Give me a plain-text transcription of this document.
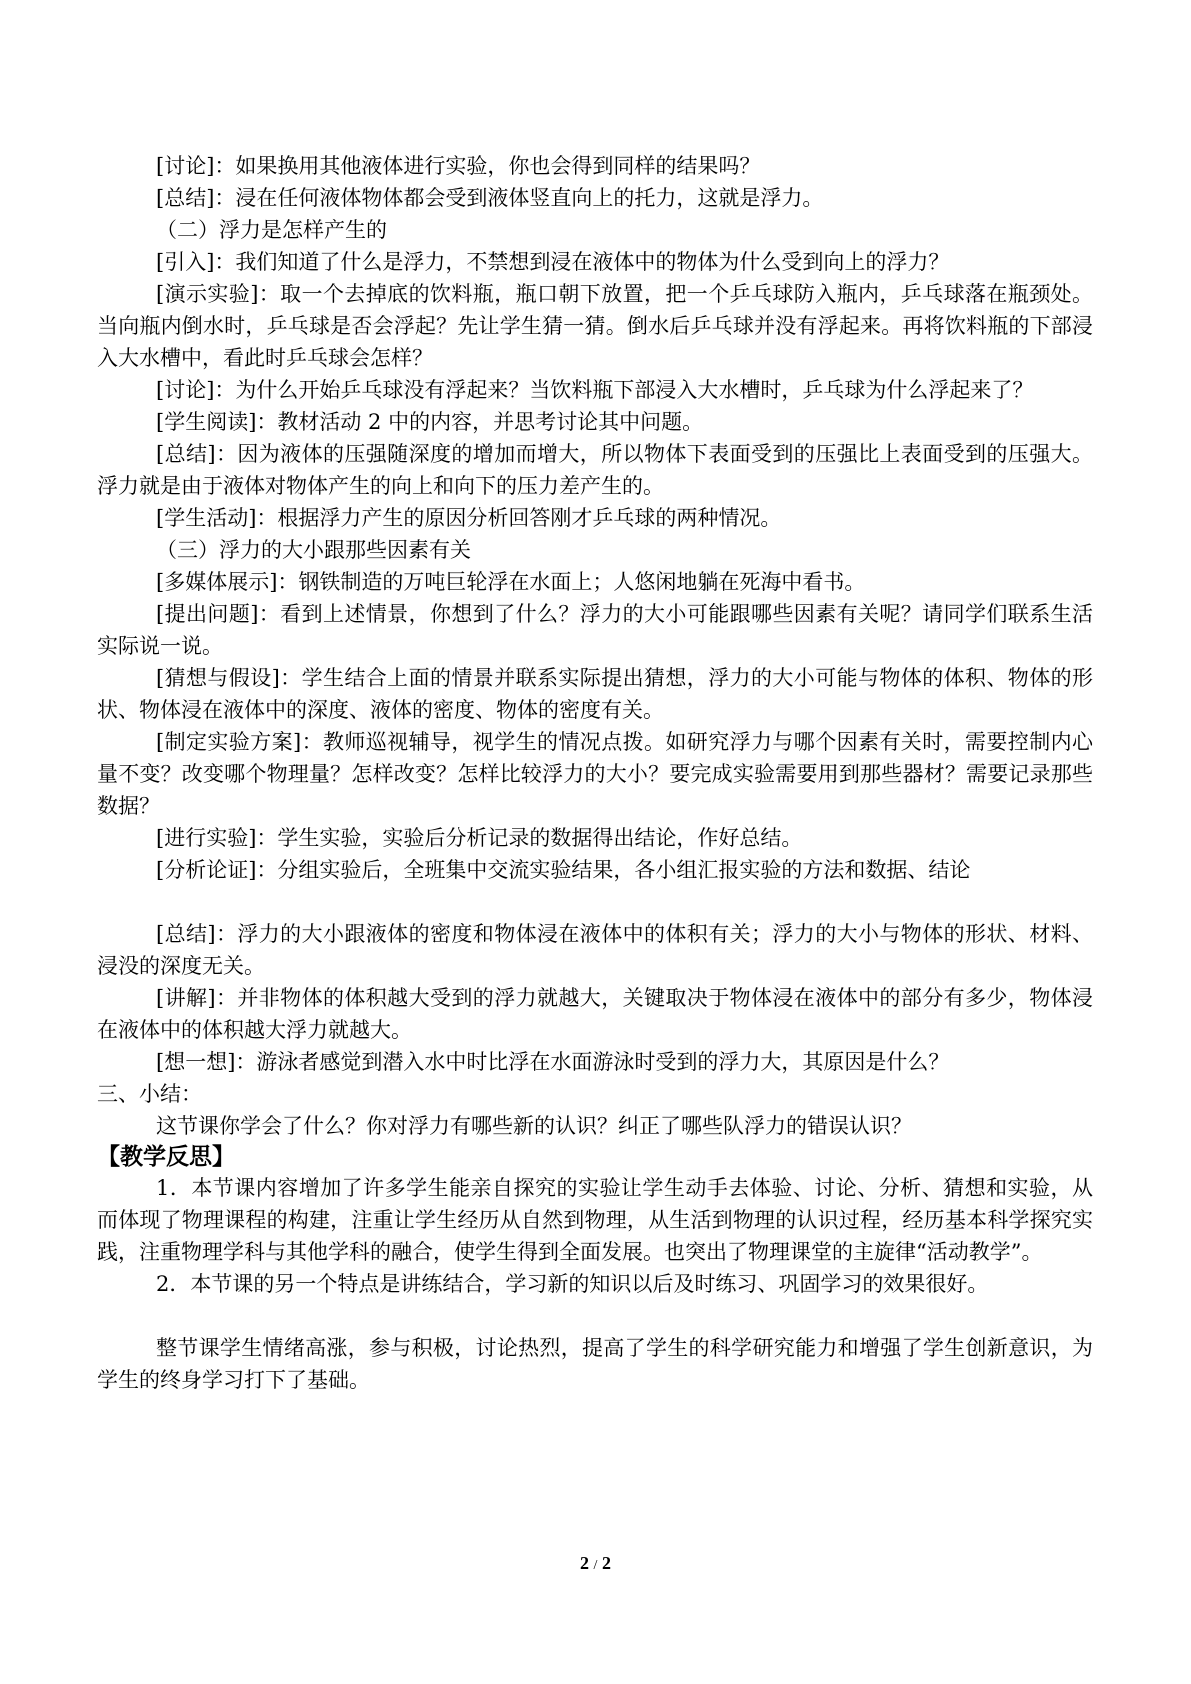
[讨论]：如果换用其他液体进行实验，你也会得到同样的结果吗？

[总结]：浸在任何液体物体都会受到液体竖直向上的托力，这就是浮力。

（二）浮力是怎样产生的

[引入]：我们知道了什么是浮力，不禁想到浸在液体中的物体为什么受到向上的浮力？

[演示实验]：取一个去掉底的饮料瓶，瓶口朝下放置，把一个乒乓球防入瓶内，乒乓球落在瓶颈处。当向瓶内倒水时，乒乓球是否会浮起？先让学生猜一猜。倒水后乒乓球并没有浮起来。再将饮料瓶的下部浸入大水槽中，看此时乒乓球会怎样？

[讨论]：为什么开始乒乓球没有浮起来？当饮料瓶下部浸入大水槽时，乒乓球为什么浮起来了？

[学生阅读]：教材活动 2 中的内容，并思考讨论其中问题。

[总结]：因为液体的压强随深度的增加而增大，所以物体下表面受到的压强比上表面受到的压强大。浮力就是由于液体对物体产生的向上和向下的压力差产生的。

[学生活动]：根据浮力产生的原因分析回答刚才乒乓球的两种情况。

（三）浮力的大小跟那些因素有关

[多媒体展示]：钢铁制造的万吨巨轮浮在水面上；人悠闲地躺在死海中看书。

[提出问题]：看到上述情景，你想到了什么？浮力的大小可能跟哪些因素有关呢？请同学们联系生活实际说一说。

[猜想与假设]：学生结合上面的情景并联系实际提出猜想，浮力的大小可能与物体的体积、物体的形状、物体浸在液体中的深度、液体的密度、物体的密度有关。

[制定实验方案]：教师巡视辅导，视学生的情况点拨。如研究浮力与哪个因素有关时，需要控制内心量不变？改变哪个物理量？怎样改变？怎样比较浮力的大小？要完成实验需要用到那些器材？需要记录那些数据？

[进行实验]：学生实验，实验后分析记录的数据得出结论，作好总结。

[分析论证]：分组实验后，全班集中交流实验结果，各小组汇报实验的方法和数据、结论

[总结]：浮力的大小跟液体的密度和物体浸在液体中的体积有关；浮力的大小与物体的形状、材料、浸没的深度无关。

[讲解]：并非物体的体积越大受到的浮力就越大，关键取决于物体浸在液体中的部分有多少，物体浸在液体中的体积越大浮力就越大。

[想一想]：游泳者感觉到潜入水中时比浮在水面游泳时受到的浮力大，其原因是什么？

三、小结：

这节课你学会了什么？你对浮力有哪些新的认识？纠正了哪些队浮力的错误认识？

【教学反思】

1．本节课内容增加了许多学生能亲自探究的实验让学生动手去体验、讨论、分析、猜想和实验，从而体现了物理课程的构建，注重让学生经历从自然到物理，从生活到物理的认识过程，经历基本科学探究实践，注重物理学科与其他学科的融合，使学生得到全面发展。也突出了物理课堂的主旋律“活动教学”。

2．本节课的另一个特点是讲练结合，学习新的知识以后及时练习、巩固学习的效果很好。

整节课学生情绪高涨，参与积极，讨论热烈，提高了学生的科学研究能力和增强了学生创新意识，为学生的终身学习打下了基础。

2 / 2
